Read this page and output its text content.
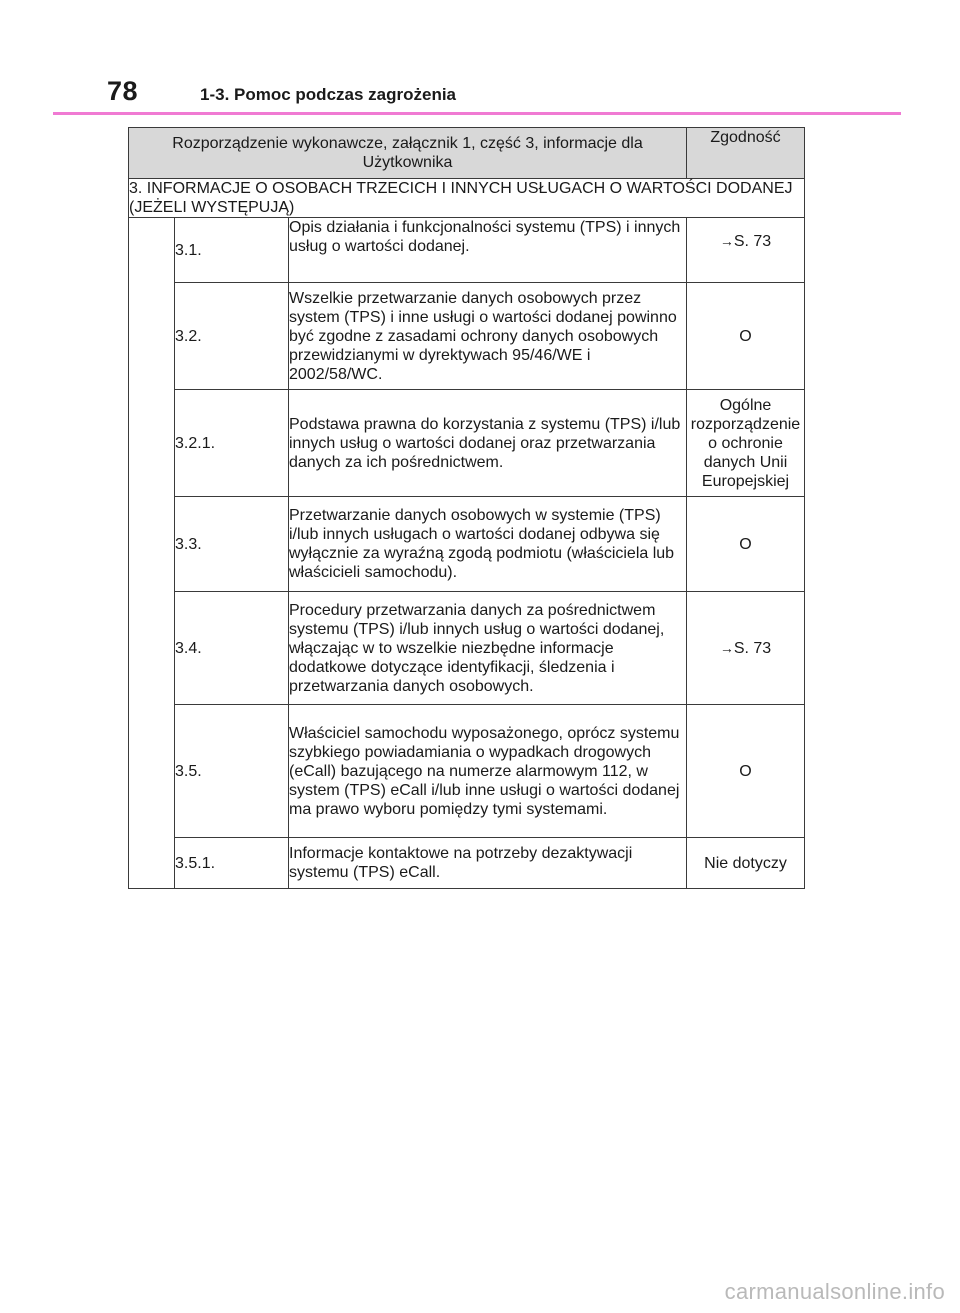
78	1-3. Pomoc podczas zagrożenia
Rozporządzenie wykonawcze, załącznik 1, część 3, informacje dla Użytkownika			Zgodność
3. INFORMACJE O OSOBACH TRZECICH I INNYCH USŁUGACH O WARTOŚCI DODANEJ (JEŻELI WYSTĘPUJĄ)			
	3.1.	Opis działania i funkcjonalności systemu (TPS) i innych usług o wartości dodanej.	→S. 73
	3.2.	Wszelkie przetwarzanie danych osobowych przez system (TPS) i inne usługi o wartości dodanej powinno być zgodne z zasadami ochrony danych osobowych przewidzianymi w dyrektywach 95/46/WE i 2002/58/WC.	O
	3.2.1.	Podstawa prawna do korzystania z systemu (TPS) i/lub innych usług o wartości dodanej oraz przetwarzania danych za ich pośrednictwem.	Ogólne rozporządzenie o ochronie danych Unii Europejskiej
	3.3.	Przetwarzanie danych osobowych w systemie (TPS) i/lub innych usługach o wartości dodanej odbywa się wyłącznie za wyraźną zgodą podmiotu (właściciela lub właścicieli samochodu).	O
	3.4.	Procedury przetwarzania danych za pośrednictwem systemu (TPS) i/lub innych usług o wartości dodanej, włączając w to wszelkie niezbędne informacje dodatkowe dotyczące identyfikacji, śledzenia i przetwarzania danych osobowych.	→S. 73
	3.5.	Właściciel samochodu wyposażonego, oprócz systemu szybkiego powiadamiania o wypadkach drogowych (eCall) bazującego na numerze alarmowym 112, w system (TPS) eCall i/lub inne usługi o wartości dodanej ma prawo wyboru pomiędzy tymi systemami.	O
	3.5.1.	Informacje kontaktowe na potrzeby dezaktywacji systemu (TPS) eCall.	Nie dotyczy
carmanualsonline.info
